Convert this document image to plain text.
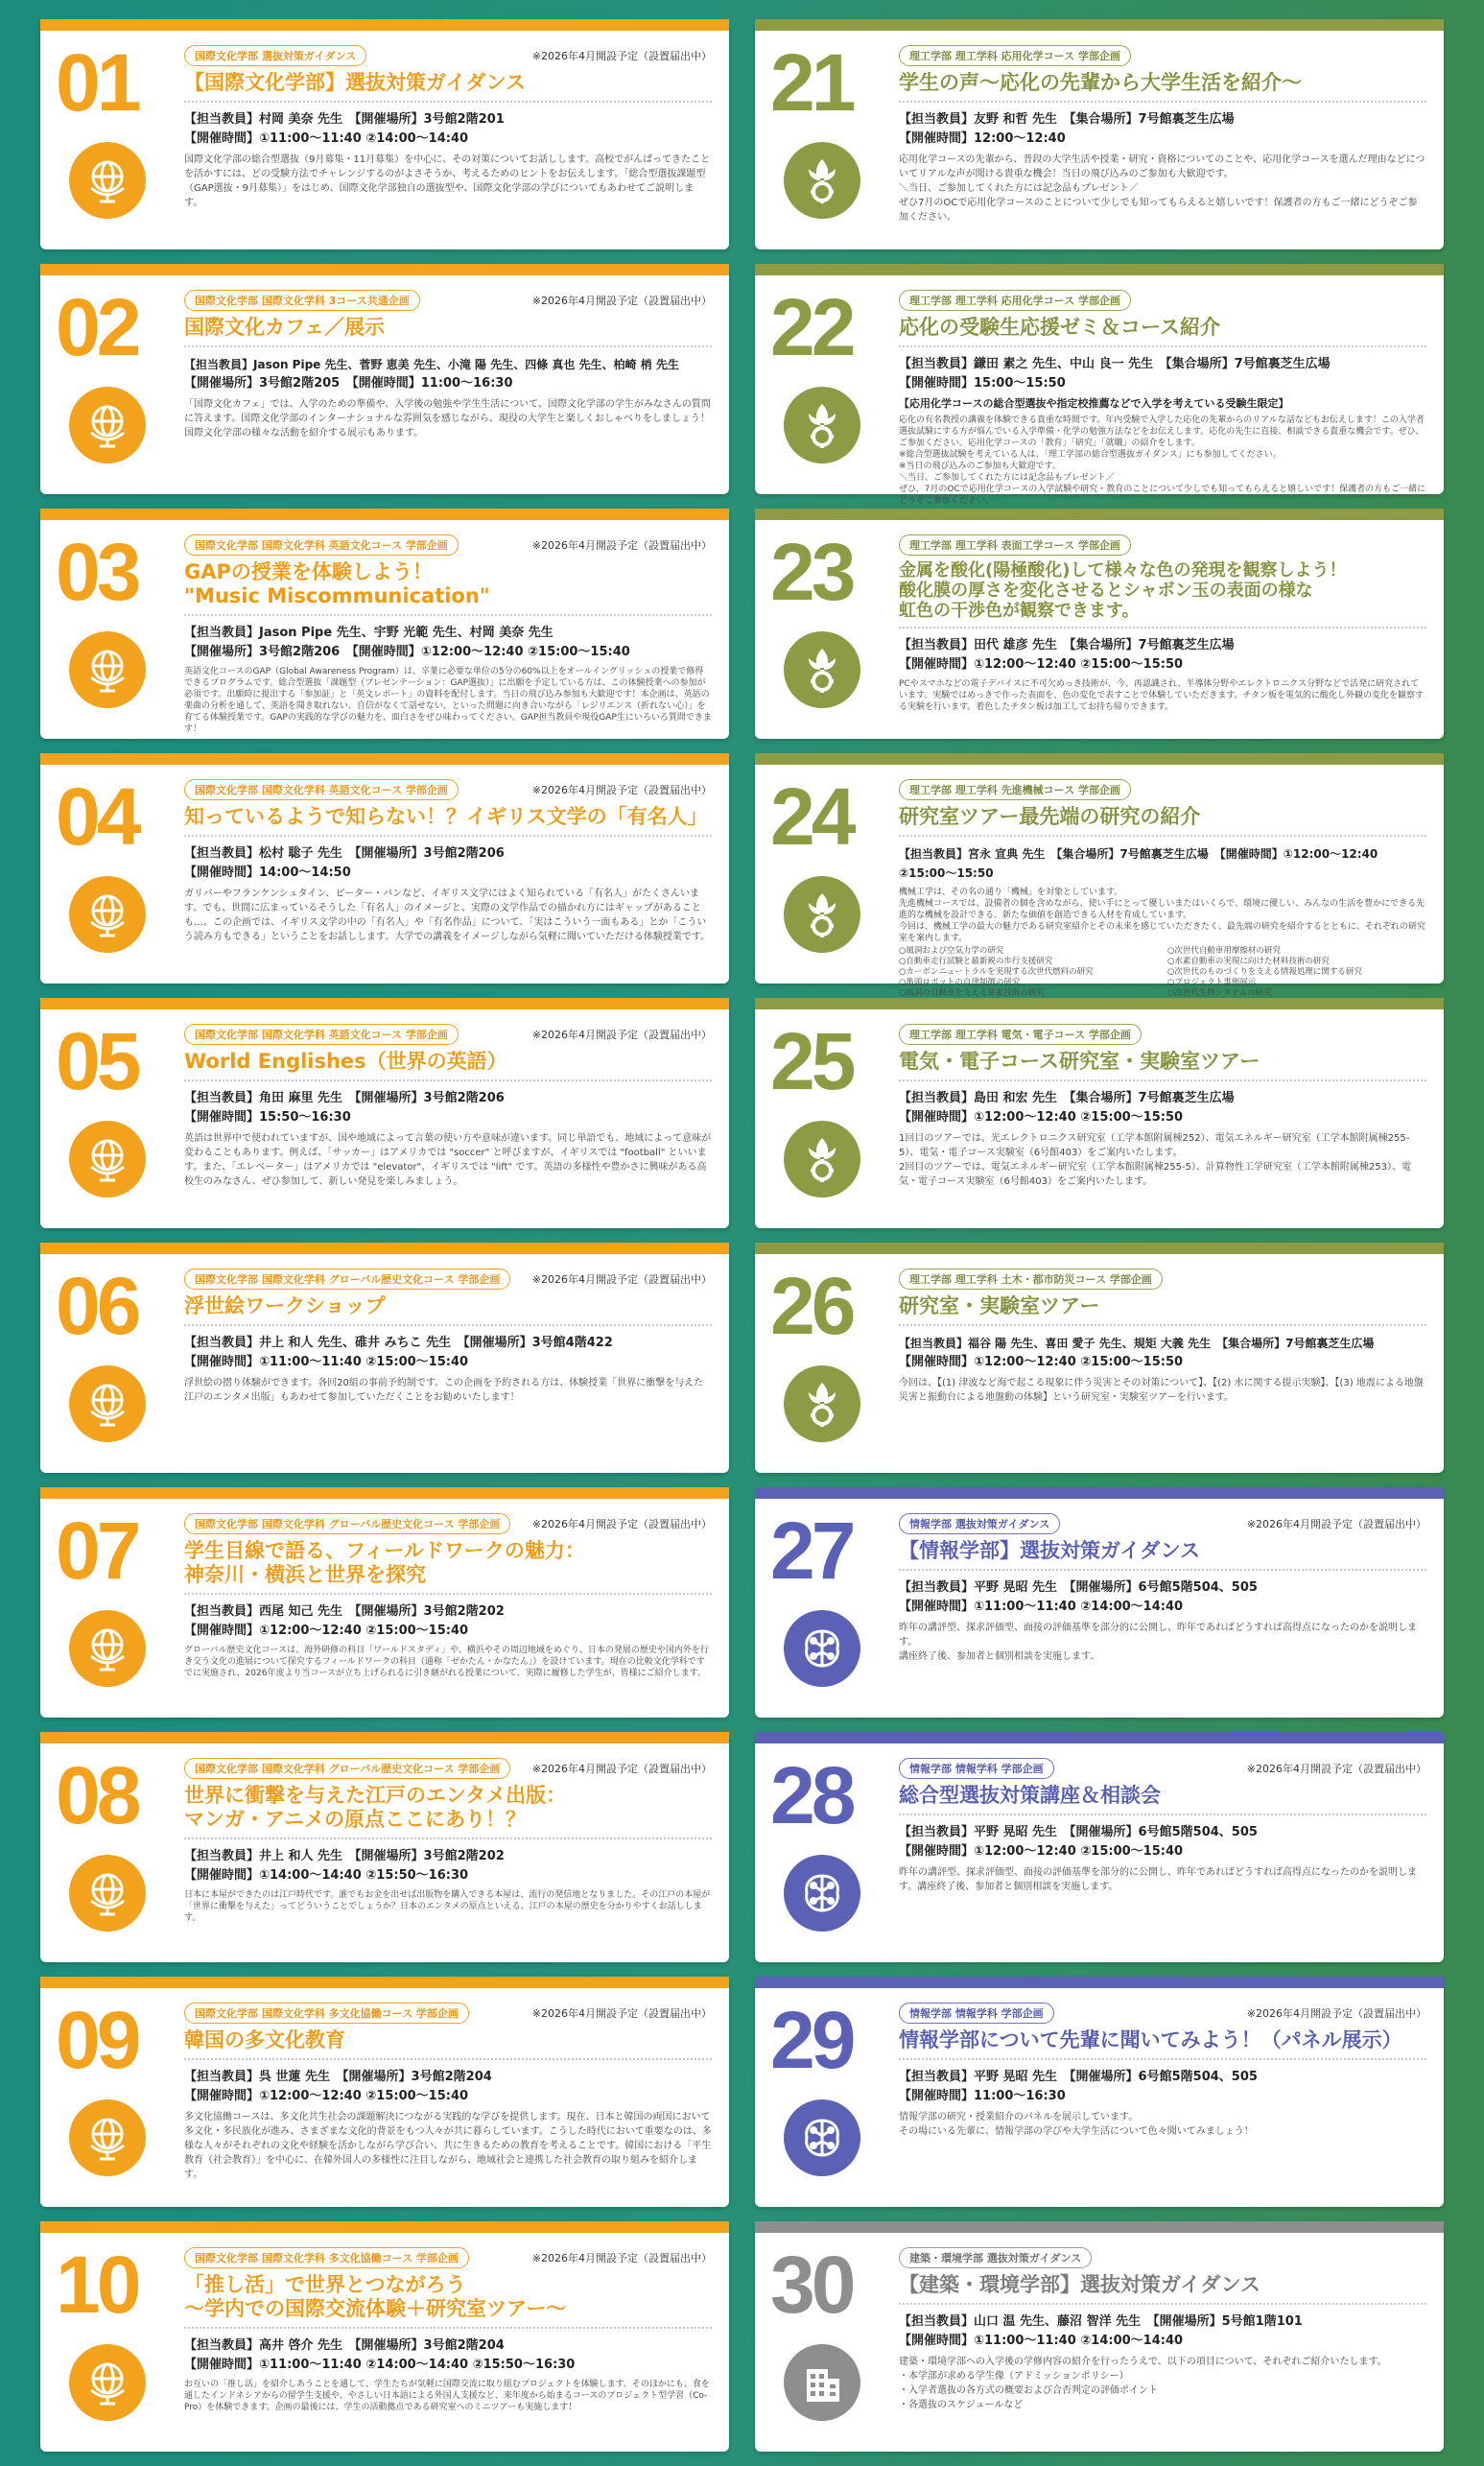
01	国際文化学部 選抜対策ガイダンス	※2026年4月開設予定（設置届出中）
【国際文化学部】選抜対策ガイダンス
【担当教員】村岡 美奈 先生　【開催場所】3号館2階201
【開催時間】①11:00～11:40 ②14:00～14:40
国際文化学部の総合型選抜（9月募集・11月募集）を中心に、その対策についてお話しします。高校でがんばってきたことを活かすには、どの受験方法でチャレンジするのがよさそうか、考えるためのヒントをお伝えします。「総合型選抜課題型（GAP選抜・9月募集）」をはじめ、国際文化学部独自の選抜型や、国際文化学部の学びについてもあわせてご説明します。
02	国際文化学部 国際文化学科 3コース共通企画	※2026年4月開設予定（設置届出中）
国際文化カフェ／展示
【担当教員】Jason Pipe 先生、菅野 恵美 先生、小滝 陽 先生、四條 真也 先生、柏崎 梢 先生
【開催場所】3号館2階205　【開催時間】11:00～16:30
「国際文化カフェ」では、入学のための準備や、入学後の勉強や学生生活について、国際文化学部の学生がみなさんの質問に答えます。国際文化学部のインターナショナルな雰囲気を感じながら、現役の大学生と楽しくおしゃべりをしましょう！国際文化学部の様々な活動を紹介する展示もあります。
03	国際文化学部 国際文化学科 英語文化コース 学部企画	※2026年4月開設予定（設置届出中）
GAPの授業を体験しよう！
"Music Miscommunication"
【担当教員】Jason Pipe 先生、宇野 光範 先生、村岡 美奈 先生
【開催場所】3号館2階206　【開催時間】①12:00～12:40 ②15:00～15:40
英語文化コースのGAP（Global Awareness Program）は、卒業に必要な単位の5分の60%以上をオールイングリッシュの授業で修得できるプログラムです。総合型選抜「課題型（プレゼンテーション：GAP選抜）」に出願を予定している方は、この体験授業への参加が必須です。出願時に提出する「参加証」と「英文レポート」の資料を配付します。当日の飛び込み参加も大歓迎です！本企画は、英語の楽曲の分析を通して、英語を聞き取れない、自信がなくて話せない、といった問題に向き合いながら「レジリエンス（折れない心）」を育てる体験授業です。GAPの実践的な学びの魅力を、面白さをぜひ味わってください。GAP担当教員や現役GAP生にいろいろ質問できます！
04	国際文化学部 国際文化学科 英語文化コース 学部企画	※2026年4月開設予定（設置届出中）
知っているようで知らない！？イギリス文学の「有名人」
【担当教員】松村 聡子 先生　【開催場所】3号館2階206
【開催時間】14:00～14:50
ガリバーやフランケンシュタイン、ピーター・パンなど、イギリス文学にはよく知られている「有名人」がたくさんいます。でも、世間に広まっているそうした「有名人」のイメージと、実際の文学作品での描かれ方にはギャップがあることも…。この企画では、イギリス文学の中の「有名人」や「有名作品」について、「実はこういう一面もある」とか「こういう読み方もできる」ということをお話しします。大学での講義をイメージしながら気軽に聞いていただける体験授業です。
05	国際文化学部 国際文化学科 英語文化コース 学部企画	※2026年4月開設予定（設置届出中）
World Englishes（世界の英語）
【担当教員】角田 麻里 先生　【開催場所】3号館2階206
【開催時間】15:50～16:30
英語は世界中で使われていますが、国や地域によって言葉の使い方や意味が違います。同じ単語でも、地域によって意味が変わることもあります。例えば、「サッカー」はアメリカでは "soccer" と呼びますが、イギリスでは "football" といいます。また、「エレベーター」はアメリカでは "elevator"、イギリスでは "lift" です。英語の多様性や豊かさに興味がある高校生のみなさん、ぜひ参加して、新しい発見を楽しみましょう。
06	国際文化学部 国際文化学科 グローバル歴史文化コース 学部企画	※2026年4月開設予定（設置届出中）
浮世絵ワークショップ
【担当教員】井上 和人 先生、碓井 みちこ 先生　【開催場所】3号館4階422
【開催時間】①11:00～11:40 ②15:00～15:40
浮世絵の摺り体験ができます。各回20組の事前予約制です。この企画を予約される方は、体験授業「世界に衝撃を与えた江戸のエンタメ出版」もあわせて参加していただくことをお勧めいたします！
07	国際文化学部 国際文化学科 グローバル歴史文化コース 学部企画	※2026年4月開設予定（設置届出中）
学生目線で語る、フィールドワークの魅力：
神奈川・横浜と世界を探究
【担当教員】西尾 知己 先生　【開催場所】3号館2階202
【開催時間】①12:00～12:40 ②15:00～15:40
グローバル歴史文化コースは、海外研修の科目「ワールドスタディ」や、横浜やその周辺地域をめぐり、日本の発展の歴史や国内外を行き交う文化の進展について探究するフィールドワークの科目（通称「ゼかたん・かなたん」）を設けています。現在の比較文化学科ですでに実施され、2026年度より当コースが立ち上げられるに引き継がれる授業について、実際に履修した学生が、皆様にご紹介します。
08	国際文化学部 国際文化学科 グローバル歴史文化コース 学部企画	※2026年4月開設予定（設置届出中）
世界に衝撃を与えた江戸のエンタメ出版：
マンガ・アニメの原点ここにあり！？
【担当教員】井上 和人 先生　【開催場所】3号館2階202
【開催時間】①14:00～14:40 ②15:50～16:30
日本に本屋ができたのは江戸時代です。誰でもお金を出せば出版物を購入できる本屋は、流行の発信地となりました。その江戸の本屋が「世界に衝撃を与えた」ってどういうことでしょうか？日本のエンタメの原点といえる、江戸の本屋の歴史を分かりやすくお話しします。
09	国際文化学部 国際文化学科 多文化協働コース 学部企画	※2026年4月開設予定（設置届出中）
韓国の多文化教育
【担当教員】呉 世蓮 先生　【開催場所】3号館2階204
【開催時間】①12:00～12:40 ②15:00～15:40
多文化協働コースは、多文化共生社会の課題解決につながる実践的な学びを提供します。現在、日本と韓国の両国において多文化・多民族化が進み、さまざまな文化的背景をもつ人々が共に暮らしています。こうした時代において重要なのは、多様な人々がそれぞれの文化や経験を活かしながら学び合い、共に生きるための教育を考えることです。韓国における「平生教育（社会教育）」を中心に、在韓外国人の多様性に注目しながら、地域社会と連携した社会教育の取り組みを紹介します。
10	国際文化学部 国際文化学科 多文化協働コース 学部企画	※2026年4月開設予定（設置届出中）
「推し活」で世界とつながろう
～学内での国際交流体験＋研究室ツアー～
【担当教員】高井 啓介 先生　【開催場所】3号館2階204
【開催時間】①11:00～11:40 ②14:00～14:40 ②15:50～16:30
お互いの「推し活」を紹介しあうことを通して、学生たちが気軽に国際交流に取り組むプロジェクトを体験します。そのほかにも、食を通したインドネシアからの留学生支援や、やさしい日本語による外国人支援など、来年度から始まるコースのプロジェクト型学習（Co-Pro）を体験できます。企画の最後には、学生の活動拠点である研究室へのミニツアーも実施します！
21	理工学部 理工学科 応用化学コース 学部企画
学生の声～応化の先輩から大学生活を紹介～
【担当教員】友野 和哲 先生　【集合場所】7号館裏芝生広場
【開催時間】12:00～12:40
応用化学コースの先輩から、普段の大学生活や授業・研究・資格についてのことや、応用化学コースを選んだ理由などについてリアルな声が聞ける貴重な機会！当日の飛び込みのご参加も大歓迎です。
＼当日、ご参加してくれた方には記念品もプレゼント／
ぜひ7月のOCで応用化学コースのことについて少しでも知ってもらえると嬉しいです！保護者の方もご一緒にどうぞご参加ください。
22	理工学部 理工学科 応用化学コース 学部企画
応化の受験生応援ゼミ＆コース紹介
【担当教員】鎌田 素之 先生、中山 良一 先生　【集合場所】7号館裏芝生広場
【開催時間】15:00～15:50
【応用化学コースの総合型選抜や指定校推薦などで入学を考えている受験生限定】
応化の有名教授の講義を体験できる貴重な時間です。年内受験で入学した応化の先輩からのリアルな話などもお伝えします！この入学者選抜試験にする方が悩んでいる入学準備・化学の勉強方法などをお伝えします。応化の先生に直接、相談できる貴重な機会です。ぜひ、ご参加ください。応用化学コースの「教育」「研究」「就職」の紹介をします。
※総合型選抜試験を考えている人は、「理工学部の総合型選抜ガイダンス」にも参加してください。
※当日の飛び込みのご参加も大歓迎です。
＼当日、ご参加してくれた方には記念品もプレゼント／
ぜひ、7月のOCで応用化学コースの入学試験や研究・教育のことについて少しでも知ってもらえると嬉しいです！保護者の方もご一緒にどうぞご参加ください。
23	理工学部 理工学科 表面工学コース 学部企画
金属を酸化(陽極酸化)して様々な色の発現を観察しよう！
酸化膜の厚さを変化させるとシャボン玉の表面の様な
虹色の干渉色が観察できます。
【担当教員】田代 雄彦 先生　【集合場所】7号館裏芝生広場
【開催時間】①12:00～12:40 ②15:00～15:50
PCやスマホなどの電子デバイスに不可欠めっき技術が、今、再認識され、半導体分野やエレクトロニクス分野などで活発に研究されています。実験ではめっきで作った表面を、色の変化で表すことで体験していただきます。チタン板を電気的に酸化し外観の変化を観察する実験を行います。着色したチタン板は加工してお持ち帰りできます。
24	理工学部 理工学科 先進機械コース 学部企画
研究室ツアー最先端の研究の紹介
【担当教員】宮永 宣典 先生　【集合場所】7号館裏芝生広場　【開催時間】①12:00～12:40 ②15:00～15:50
機械工学は、その名の通り「機械」を対象としています。
先進機械コースでは、設備者の個を含めながら、使い手にとって優しいまたはいくらで、環境に優しい、みんなの生活を豊かにできる先進的な機械を設計できる、新たな価値を創造できる人材を育成しています。
今回は、機械工学の最大の魅力である研究室紹介とその未来を感じていただきたく、最先端の研究を紹介するとともに、それぞれの研究室を案内します。
○風洞および空気力学の研究	○次世代自動車用摩擦材の研究
○自動車走行試験と最新鋭の歩行支援研究	○水素自動車の実現に向けた材料技術の研究
○カーボンニュートラルを実現する次世代燃料の研究	○次世代のものづくりを支える情報処理に関する研究
○亀頭ロボットの自律制御の研究	○プロジェクト事例展示
○風洞の自動車を支える要素技術の研究	○次世代生物システムの研究
25	理工学部 理工学科 電気・電子コース 学部企画
電気・電子コース研究室・実験室ツアー
【担当教員】島田 和宏 先生　【集合場所】7号館裏芝生広場
【開催時間】①12:00～12:40 ②15:00～15:50
1回目のツアーでは、光エレクトロニクス研究室（工学本館附属棟252）、電気エネルギー研究室（工学本館附属棟255-5）、電気・電子コース実験室（6号館403）をご案内いたします。
2回目のツアーでは、電気エネルギー研究室（工学本館附属棟255-5）、計算物性工学研究室（工学本館附属棟253）、電気・電子コース実験室（6号館403）をご案内いたします。
26	理工学部 理工学科 土木・都市防災コース 学部企画
研究室・実験室ツアー
【担当教員】福谷 陽 先生、喜田 愛子 先生、規矩 大義 先生　【集合場所】7号館裏芝生広場
【開催時間】①12:00～12:40 ②15:00～15:50
今回は、【(1) 津波など海で起こる現象に伴う災害とその対策について】、【(2) 水に関する提示実験】、【(3) 地震による地盤災害と振動台による地盤動の体験】という研究室・実験室ツアーを行います。
27	情報学部 選抜対策ガイダンス	※2026年4月開設予定（設置届出中）
【情報学部】選抜対策ガイダンス
【担当教員】平野 晃昭 先生　【開催場所】6号館5階504、505
【開催時間】①11:00～11:40 ②14:00～14:40
昨年の講評型、探求評価型、面接の評価基準を部分的に公開し、昨年であればどうすれば高得点になったのかを説明します。
講座終了後、参加者と個別相談を実施します。
28	情報学部 情報学科 学部企画	※2026年4月開設予定（設置届出中）
総合型選抜対策講座＆相談会
【担当教員】平野 晃昭 先生　【開催場所】6号館5階504、505
【開催時間】①12:00～12:40 ②15:00～15:40
昨年の講評型、探求評価型、面接の評価基準を部分的に公開し、昨年であればどうすれば高得点になったのかを説明します。講座終了後、参加者と個別相談を実施します。
29	情報学部 情報学科 学部企画	※2026年4月開設予定（設置届出中）
情報学部について先輩に聞いてみよう！（パネル展示）
【担当教員】平野 晃昭 先生　【開催場所】6号館5階504、505
【開催時間】11:00～16:30
情報学部の研究・授業紹介のパネルを展示しています。
その場にいる先輩に、情報学部の学びや大学生活について色々聞いてみましょう！
30	建築・環境学部 選抜対策ガイダンス
【建築・環境学部】選抜対策ガイダンス
【担当教員】山口 温 先生、藤沼 智洋 先生　【開催場所】5号館1階101
【開催時間】①11:00～11:40 ②14:00～14:40
建築・環境学部への入学後の学修内容の紹介を行ったうえで、以下の項目について、それぞれご紹介いたします。
・本学部が求める学生像（アドミッションポリシー）
・入学者選抜の各方式の概要および合否判定の評価ポイント
・各選抜のスケジュールなど
